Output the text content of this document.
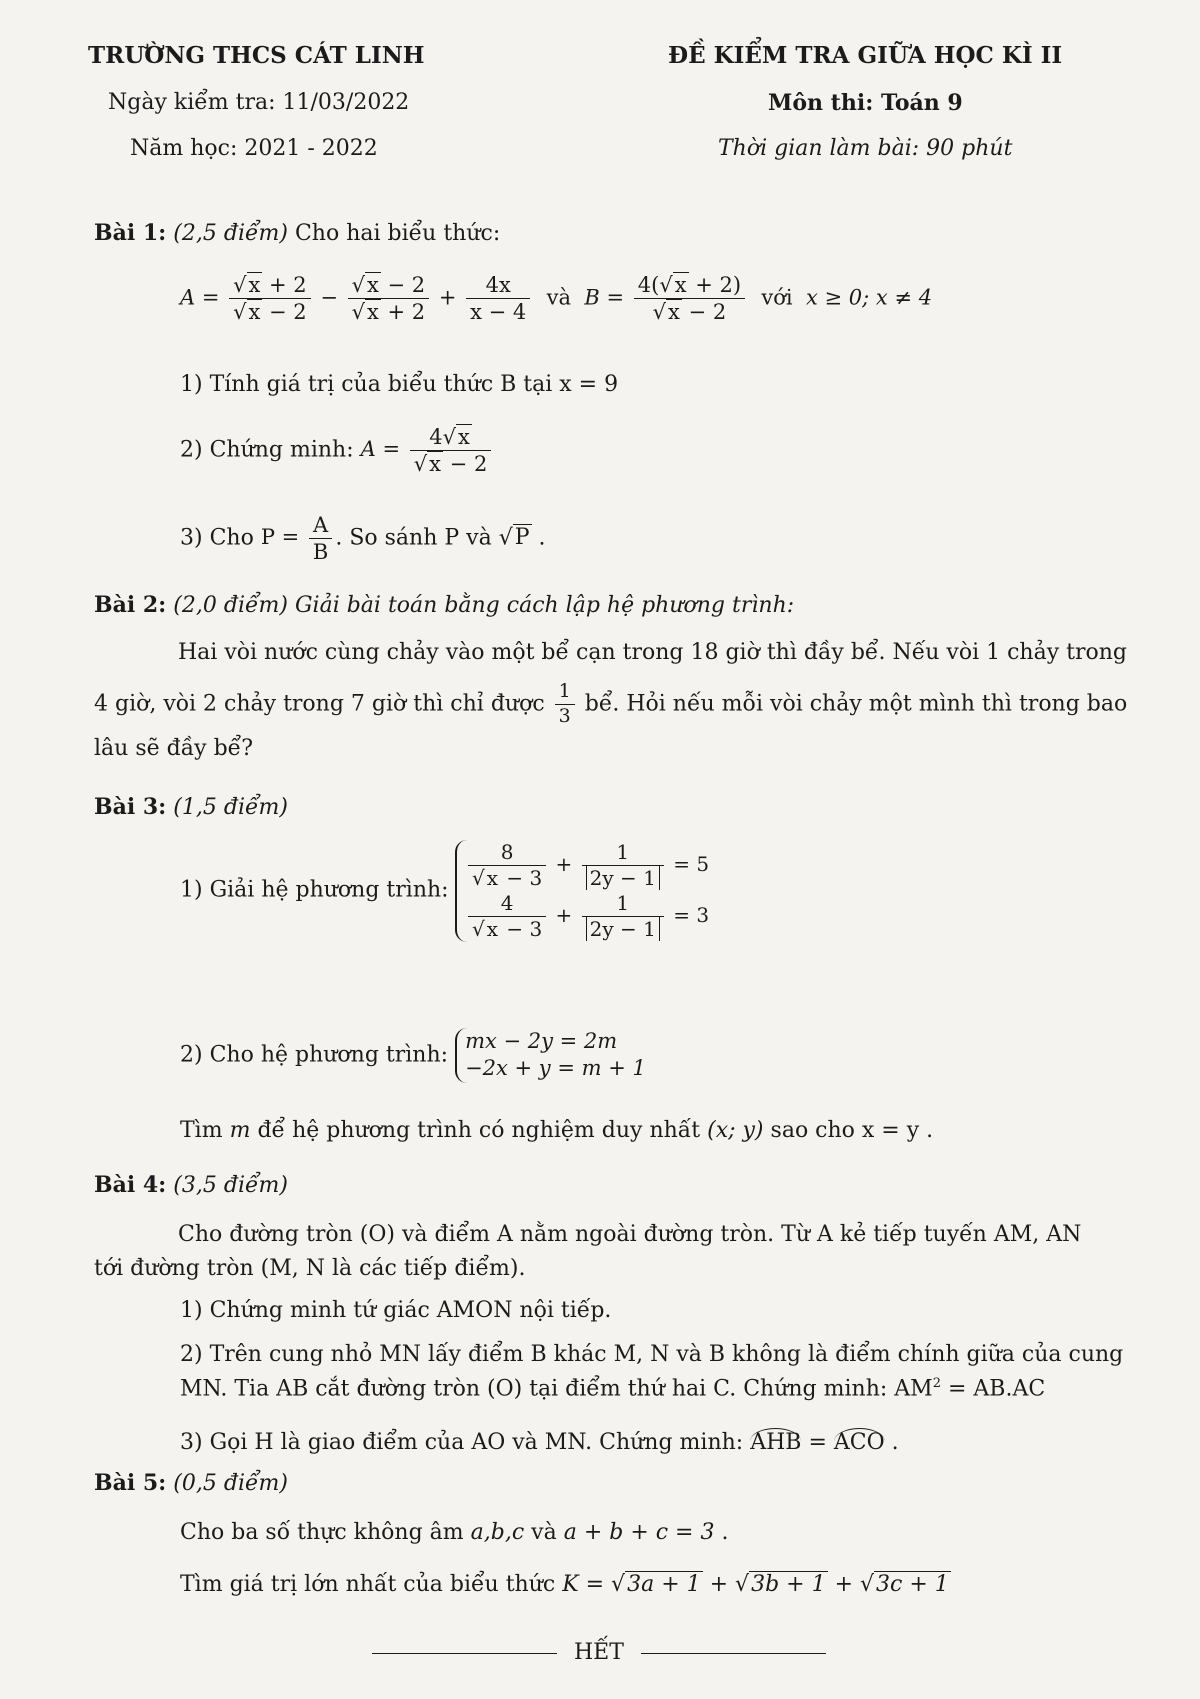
TRƯỜNG THCS CÁT LINH	ĐỀ KIỂM TRA GIỮA HỌC KÌ II
Ngày kiểm tra: 11/03/2022	Môn thi: Toán 9
Năm học: 2021 - 2022	Thời gian làm bài: 90 phút
Bài 1: (2,5 điểm) Cho hai biểu thức:
$A = \frac{√x + 2}{√x - 2} - \frac{√x - 2}{√x + 2} + \frac{4x}{x - 4}$ và $B = \frac{4(√x + 2)}{√x - 2}$ với x ≥ 0; x ≠ 4
1) Tính giá trị của biểu thức B tại x = 9
2) Chứng minh: $A = \frac{4√x}{√x - 2}$
3) Cho $P = \frac{A}{B}$ . So sánh P và √P .
Bài 2: (2,0 điểm) Giải bài toán bằng cách lập hệ phương trình:
Hai vòi nước cùng chảy vào một bể cạn trong 18 giờ thì đầy bể. Nếu vòi 1 chảy trong
4 giờ, vòi 2 chảy trong 7 giờ thì chỉ được $\frac{1}{3}$ bể. Hỏi nếu mỗi vòi chảy một mình thì trong bao
lâu sẽ đầy bể?
Bài 3: (1,5 điểm)
1) Giải hệ phương trình: $\frac{8}{√ x - 3} + \frac{1}{2y - 1} = 5$
$\frac{4}{√ x - 3} + \frac{1}{2y - 1} = 3$
2) Cho hệ phương trình:
mx − 2y = 2m
−2x + y = m + 1
Tìm m để hệ phương trình có nghiệm duy nhất (x; y) sao cho x = y .
Bài 4: (3,5 điểm)
Cho đường tròn (O) và điểm A nằm ngoài đường tròn. Từ A kẻ tiếp tuyến AM, AN
tới đường tròn (M, N là các tiếp điểm).
1) Chứng minh tứ giác AMON nội tiếp.
2) Trên cung nhỏ MN lấy điểm B khác M, N và B không là điểm chính giữa của cung
MN. Tia AB cắt đường tròn (O) tại điểm thứ hai C. Chứng minh: $AM^2 = AB.AC$
3) Gọi H là giao điểm của AO và MN. Chứng minh: AHB = ACO .
Bài 5: (0,5 điểm)
Cho ba số thực không âm a,b,c và a + b + c = 3 .
Tìm giá trị lớn nhất của biểu thức K = √3a + 1 + √3b + 1 + √3c + 1
HẾT
